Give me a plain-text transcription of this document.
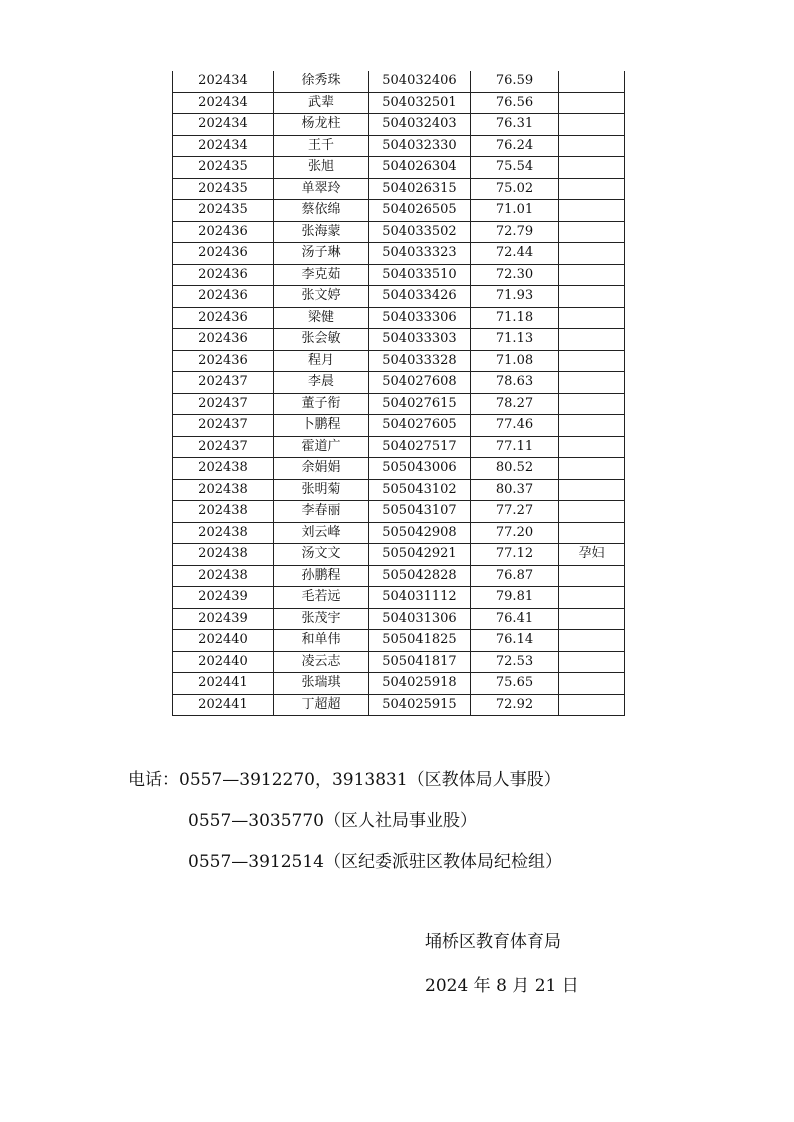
202434	徐秀珠	504032406	76.59	
202434	武辈	504032501	76.56	
202434	杨龙柱	504032403	76.31	
202434	王千	504032330	76.24	
202435	张旭	504026304	75.54	
202435	单翠玲	504026315	75.02	
202435	蔡依绵	504026505	71.01	
202436	张海蒙	504033502	72.79	
202436	汤子琳	504033323	72.44	
202436	李克茹	504033510	72.30	
202436	张文婷	504033426	71.93	
202436	梁健	504033306	71.18	
202436	张会敏	504033303	71.13	
202436	程月	504033328	71.08	
202437	李晨	504027608	78.63	
202437	董子衔	504027615	78.27	
202437	卜鹏程	504027605	77.46	
202437	霍道广	504027517	77.11	
202438	余娟娟	505043006	80.52	
202438	张明菊	505043102	80.37	
202438	李春丽	505043107	77.27	
202438	刘云峰	505042908	77.20	
202438	汤文文	505042921	77.12	孕妇
202438	孙鹏程	505042828	76.87	
202439	毛若远	504031112	79.81	
202439	张茂宇	504031306	76.41	
202440	和单伟	505041825	76.14	
202440	凌云志	505041817	72.53	
202441	张瑞琪	504025918	75.65	
202441	丁超超	504025915	72.92	
电话：0557—3912270，3913831（区教体局人事股）
0557—3035770（区人社局事业股）
0557—3912514（区纪委派驻区教体局纪检组）
埇桥区教育体育局
2024 年 8 月 21 日
